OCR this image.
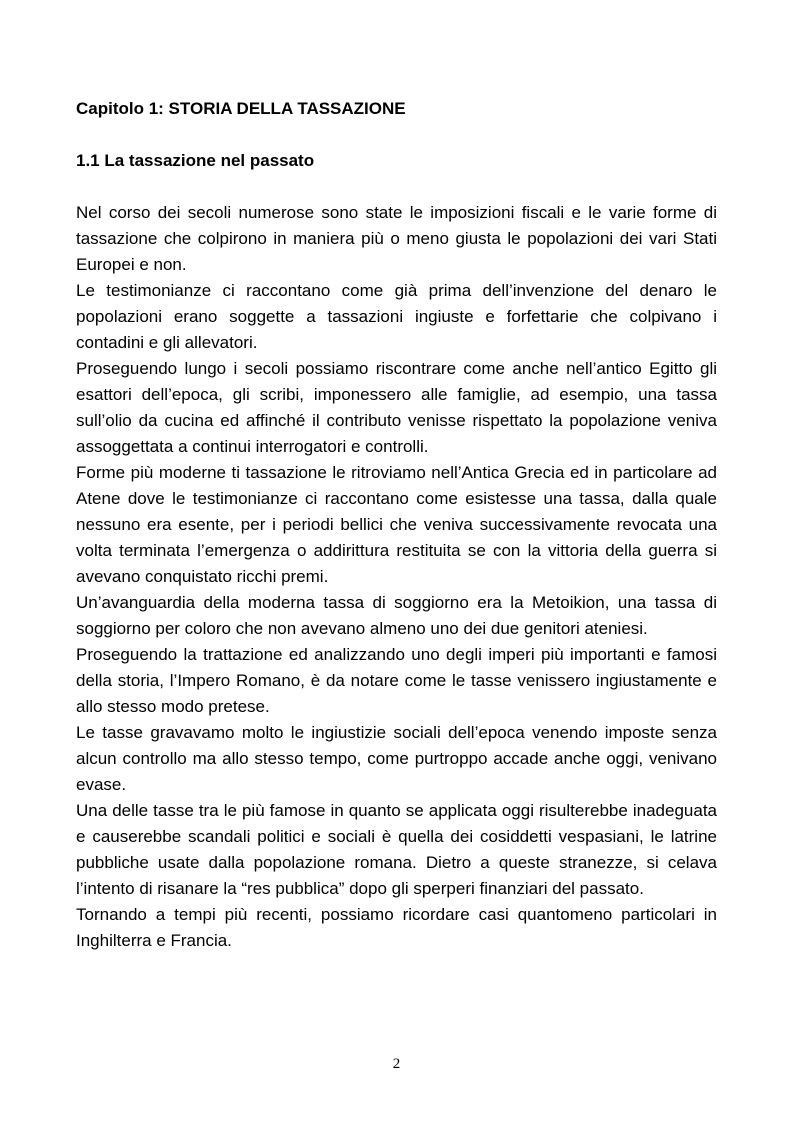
Capitolo 1: STORIA DELLA TASSAZIONE

1.1 La tassazione nel passato

Nel corso dei secoli numerose sono state le imposizioni fiscali e le varie forme di tassazione che colpirono in maniera più o meno giusta le popolazioni dei vari Stati Europei e non.

Le testimonianze ci raccontano come già prima dell’invenzione del denaro le popolazioni erano soggette a tassazioni ingiuste e forfettarie che colpivano i contadini e gli allevatori.

Proseguendo lungo i secoli possiamo riscontrare come anche nell’antico Egitto gli esattori dell’epoca, gli scribi, imponessero alle famiglie, ad esempio, una tassa sull’olio da cucina ed affinché il contributo venisse rispettato la popolazione veniva assoggettata a continui interrogatori e controlli.

Forme più moderne ti tassazione le ritroviamo nell’Antica Grecia ed in particolare ad Atene dove le testimonianze ci raccontano come esistesse una tassa, dalla quale nessuno era esente, per i periodi bellici che veniva successivamente revocata una volta terminata l’emergenza o addirittura restituita se con la vittoria della guerra si avevano conquistato ricchi premi.

Un’avanguardia della moderna tassa di soggiorno era la Metoikion, una tassa di soggiorno per coloro che non avevano almeno uno dei due genitori ateniesi.

Proseguendo la trattazione ed analizzando uno degli imperi più importanti e famosi della storia, l’Impero Romano, è da notare come le tasse venissero ingiustamente e allo stesso modo pretese.

Le tasse gravavamo molto le ingiustizie sociali dell’epoca venendo imposte senza alcun controllo ma allo stesso tempo, come purtroppo accade anche oggi, venivano evase.

Una delle tasse tra le più famose in quanto se applicata oggi risulterebbe inadeguata e causerebbe scandali politici e sociali è quella dei cosiddetti vespasiani, le latrine pubbliche usate dalla popolazione romana. Dietro a queste stranezze, si celava l’intento di risanare la “res pubblica” dopo gli sperperi finanziari del passato.

Tornando a tempi più recenti, possiamo ricordare casi quantomeno particolari in Inghilterra e Francia.

2
